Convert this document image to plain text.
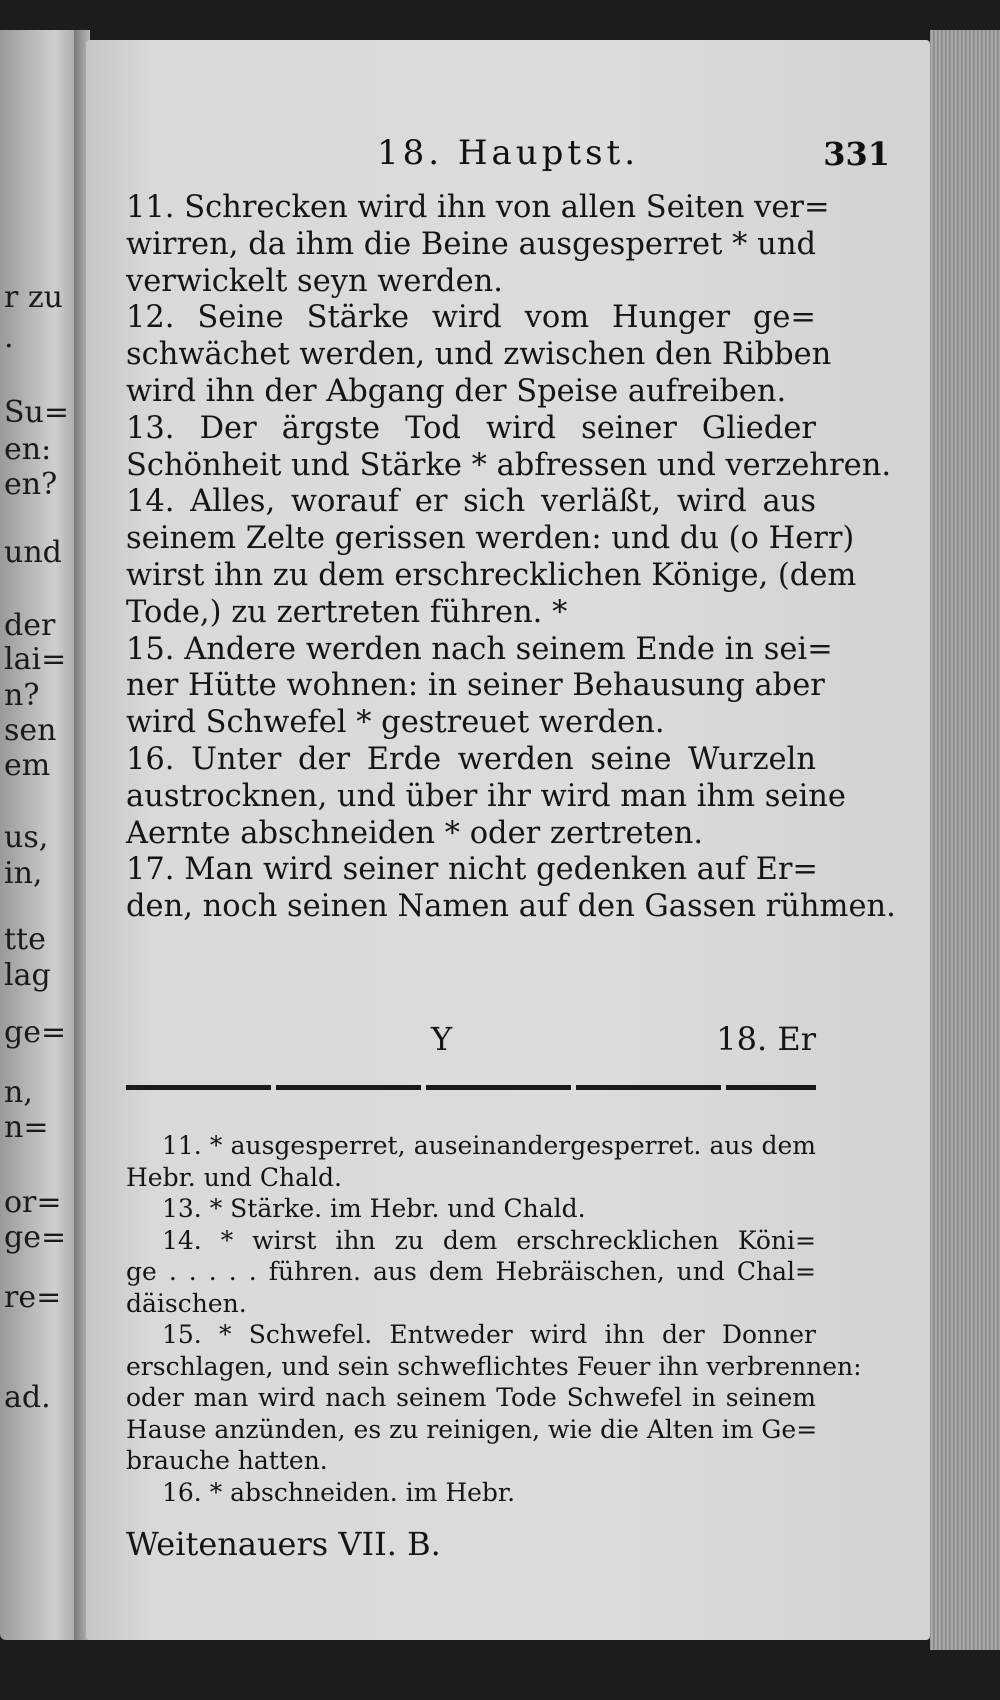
r zu
.
Su=
en:
en?
und
der
lai=
n?
sen
em
us,
in,
tte
lag
ge=
n,
n=
or=
ge=
re=
ad.
18. Hauptst.	331
11. Schrecken wird ihn von allen Seiten ver=
wirren, da ihm die Beine ausgesperret * und
verwickelt seyn werden.
12. Seine Stärke wird vom Hunger ge=
schwächet werden, und zwischen den Ribben
wird ihn der Abgang der Speise aufreiben.
13. Der ärgste Tod wird seiner Glieder
Schönheit und Stärke * abfressen und verzehren.
14. Alles, worauf er sich verläßt, wird aus
seinem Zelte gerissen werden: und du (o Herr)
wirst ihn zu dem erschrecklichen Könige, (dem
Tode,) zu zertreten führen. *
15. Andere werden nach seinem Ende in sei=
ner Hütte wohnen: in seiner Behausung aber
wird Schwefel * gestreuet werden.
16. Unter der Erde werden seine Wurzeln
austrocknen, und über ihr wird man ihm seine
Aernte abschneiden * oder zertreten.
17. Man wird seiner nicht gedenken auf Er=
den, noch seinen Namen auf den Gassen rühmen.
Y	18. Er
11. * ausgesperret, auseinandergesperret. aus dem
Hebr. und Chald.
13. * Stärke. im Hebr. und Chald.
14. * wirst ihn zu dem erschrecklichen Köni=
ge . . . . . führen. aus dem Hebräischen, und Chal=
däischen.
15. * Schwefel. Entweder wird ihn der Donner
erschlagen, und sein schweflichtes Feuer ihn verbrennen:
oder man wird nach seinem Tode Schwefel in seinem
Hause anzünden, es zu reinigen, wie die Alten im Ge=
brauche hatten.
16. * abschneiden. im Hebr.
Weitenauers VII. B.
